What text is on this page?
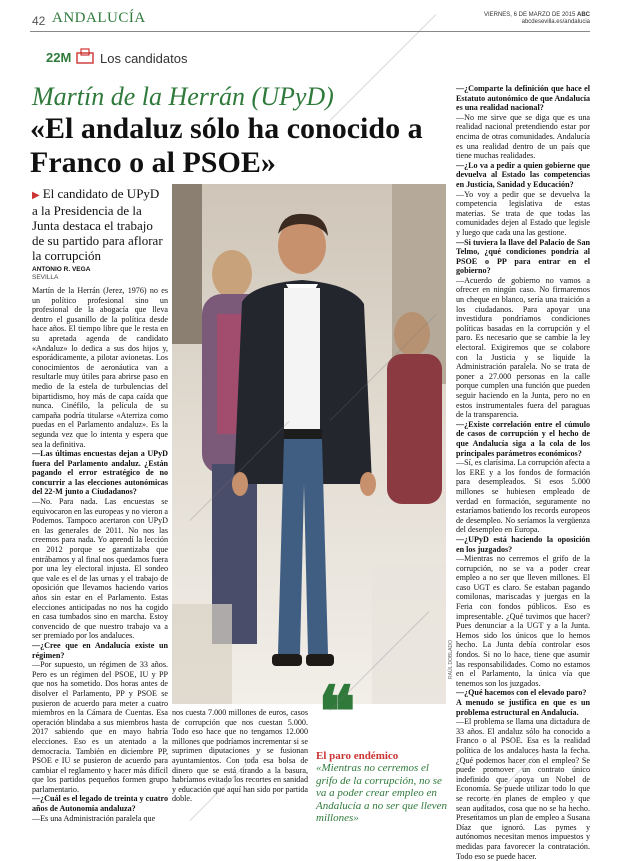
42 ANDALUCÍA	VIERNES, 6 DE MARZO DE 2015 ABC
abcdesevilla.es/andalucia
22M Los candidatos
Martín de la Herrán (UPyD)
«El andaluz sólo ha conocido a Franco o al PSOE»
▶ El candidato de UPyD a la Presidencia de la Junta destaca el trabajo de su partido para aflorar la corrupción
ANTONIO R. VEGA
SEVILLA
Martín de la Herrán (Jerez, 1976) no es un político profesional sino un profesional de la abogacía que lleva dentro el gusanillo de la política desde hace años. El tiempo libre que le resta en su apretada agenda de candidato «Andaluz» lo dedica a sus dos hijos y, esporádicamente, a pilotar avionetas. Los conocimientos de aeronáutica van a resultarle muy útiles para abrirse paso en medio de la estela de turbulencias del bipartidismo, hoy más de capa caída que nunca. Cinéfilo, la película de su campaña podría titularse «Aterriza como puedas en el Parlamento andaluz». Es la segunda vez que lo intenta y espera que sea la definitiva.
—Las últimas encuestas dejan a UPyD fuera del Parlamento andaluz. ¿Están pagando el error estratégico de no concurrir a las elecciones autonómicas del 22-M junto a Ciudadanos?
—No. Para nada. Las encuestas se equivocaron en las europeas y no vieron a Podemos. Tampoco acertaron con UPyD en las generales de 2011. No nos las creemos para nada. Yo aprendí la lección en 2012 porque se garantizaba que entrábamos y al final nos quedamos fuera por una ley electoral injusta. El sondeo que vale es el de las urnas y el trabajo de oposición que llevamos haciendo varios años sin estar en el Parlamento. Estas elecciones anticipadas no nos ha cogido en casa tumbados sino en marcha. Estoy convencido de que nuestro trabajo va a ser premiado por los andaluces.
—¿Cree que en Andalucía existe un régimen?
—Por supuesto, un régimen de 33 años. Pero es un régimen del PSOE, IU y PP que nos ha sometido. Dos horas antes de disolver el Parlamento, PP y PSOE se pusieron de acuerdo para meter a cuatro miembros en la Cámara de Cuentas. Esa operación blindaba a sus miembros hasta 2017 sabiendo que en mayo habría elecciones. Eso es un atentado a la democracia. También en diciembre PP, PSOE e IU se pusieron de acuerdo para cambiar el reglamento y hacer más difícil que los partidos pequeños formen grupo parlamentario.
—¿Cuál es el legado de treinta y cuatro años de Autonomía andaluza?
—Es una Administración paralela que
nos cuesta 7.000 millones de euros, casos de corrupción que nos cuestan 5.000. Todo eso hace que no tengamos 12.000 millones que podríamos incrementar si se suprimen diputaciones y se fusionan ayuntamientos. Con toda esa bolsa de dinero que se está tirando a la basura, habríamos evitado los recortes en sanidad y educación que aquí han sido por partida doble.
—¿Comparte la definición que hace el Estatuto autonómico de que Andalucía es una realidad nacional?
—No me sirve que se diga que es una realidad nacional pretendiendo estar por encima de otras comunidades. Andalucía es una realidad dentro de un país que tiene muchas realidades.
—¿Lo va a pedir a quien gobierne que devuelva al Estado las competencias en Justicia, Sanidad y Educación?
—Yo voy a pedir que se devuelva la competencia legislativa de estas materias. Se trata de que todas las comunidades dejen al Estado que legisle y luego que cada una las gestione.
—Si tuviera la llave del Palacio de San Telmo, ¿qué condiciones pondría al PSOE o PP para entrar en el gobierno?
—Acuerdo de gobierno no vamos a ofrecer en ningún caso. No firmaremos un cheque en blanco, sería una traición a los ciudadanos. Para apoyar una investidura pondríamos condiciones políticas basadas en la corrupción y el paro. Es necesario que se cambie la ley electoral. Exigiremos que se colabore con la Justicia y se liquide la Administración paralela. No se trata de poner a 27.000 personas en la calle porque cumplen una función que pueden seguir haciendo en la Junta, pero no en estos instrumentales fuera del paraguas de la transparencia.
—¿Existe correlación entre el cúmulo de casos de corrupción y el hecho de que Andalucía siga a la cola de los principales parámetros económicos?
—Sí, es clarísima. La corrupción afecta a los ERE y a los fondos de formación para desempleados. Si esos 5.000 millones se hubiesen empleado de verdad en formación, seguramente no estaríamos batiendo los records europeos de desempleo. No seríamos la vergüenza del desempleo en Europa.
—¿UPyD está haciendo la oposición en los juzgados?
—Mientras no cerremos el grifo de la corrupción, no se va a poder crear empleo a no ser que lleven millones. El caso UGT es claro. Se estaban pagando comilonas, mariscadas y juergas en la Feria con fondos públicos. Eso es impresentable. ¿Qué tuvimos que hacer? Pues denunciar a la UGT y a la Junta. Hemos sido los únicos que lo hemos hecho. La Junta debía controlar esos fondos. Si no lo hace, tiene que asumir las responsabilidades. Como no estamos en el Parlamento, la única vía que tenemos son los juzgados.
—¿Qué hacemos con el elevado paro?
A menudo se justifica en que es un problema estructural en Andalucía.
—El problema se llama una dictadura de 33 años. El andaluz sólo ha conocido a Franco o al PSOE. Esa es la realidad política de los andaluces hasta la fecha. ¿Qué podemos hacer con el empleo? Se puede promover un contrato único indefinido que apoya un Nobel de Economía. Se puede utilizar todo lo que se recorte en planes de empleo y que sean auditados, cosa que no se ha hecho. Presentamos un plan de empleo a Susana Díaz que ignoró. Las pymes y autónomos necesitan menos impuestos y medidas para favorecer la contratación. Todo eso se puede hacer.
RAÚL DOBLADO
❝
El paro endémico
«Mientras no cerremos el grifo de la corrupción, no se va a poder crear empleo en Andalucía a no ser que lleven millones»
